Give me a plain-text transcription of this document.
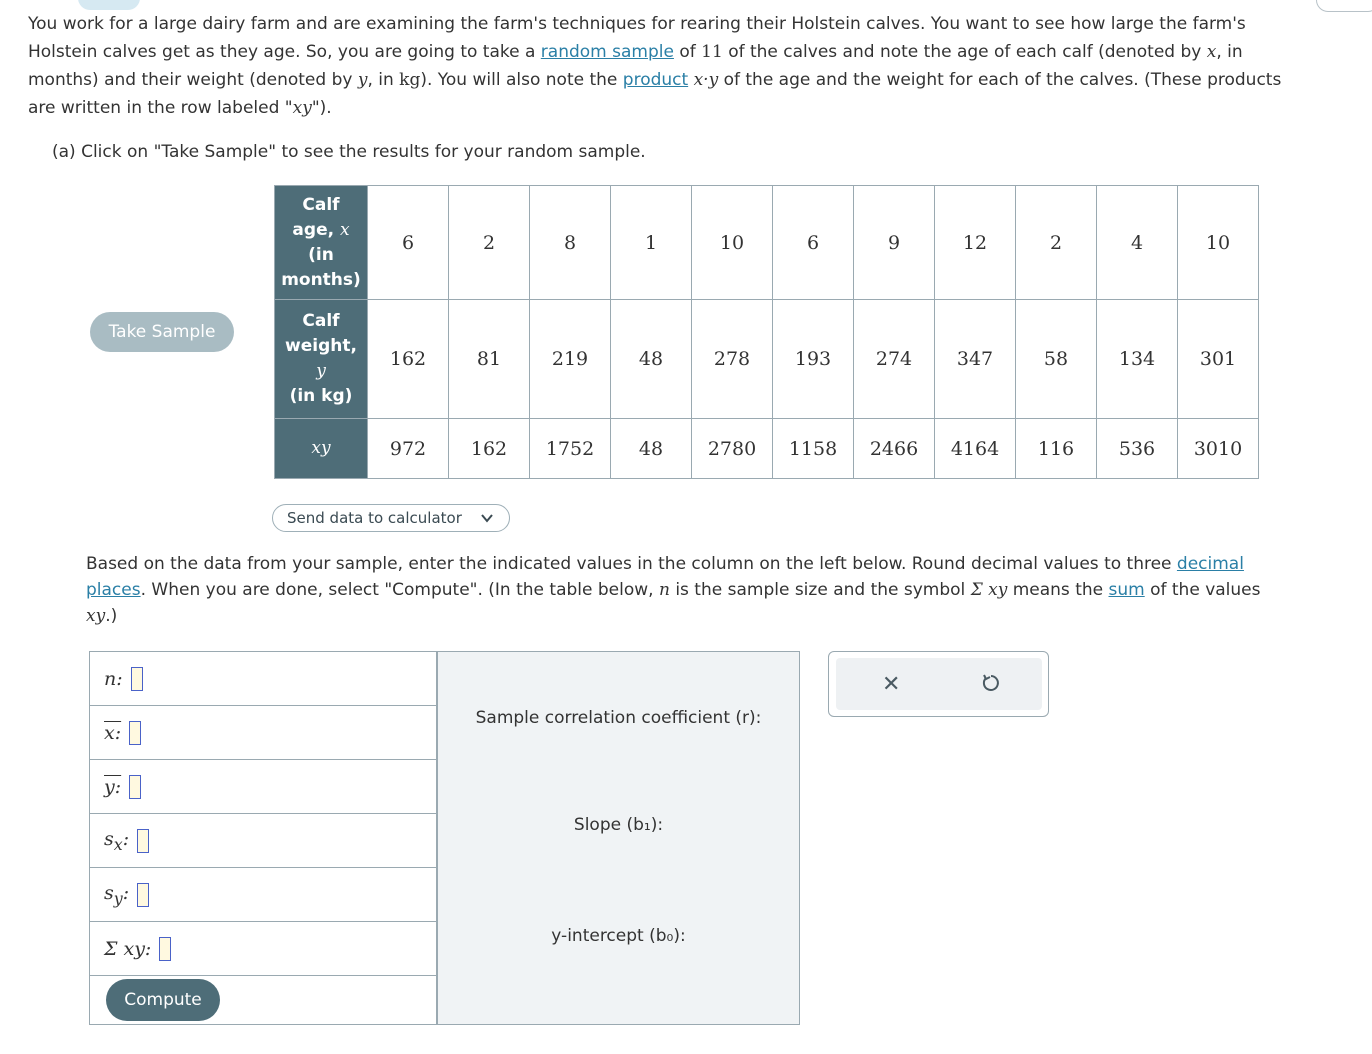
You work for a large dairy farm and are examining the farm's techniques for rearing their Holstein calves. You want to see how large the farm's Holstein calves get as they age. So, you are going to take a random sample of 11 of the calves and note the age of each calf (denoted by x, in months) and their weight (denoted by y, in kg). You will also note the product x·y of the age and the weight for each of the calves. (These products are written in the row labeled "xy").
(a) Click on "Take Sample" to see the results for your random sample.
Take Sample
Calf
age, x
(in
months)	6	2	8	1	10	6	9	12	2	4	10

Calf
weight,
y
(in kg)	162	81	219	48	278	193	274	347	58	134	301
xy	972	162	1752	48	2780	1158	2466	4164	116	536	3010
Send data to calculator
Based on the data from your sample, enter the indicated values in the column on the left below. Round decimal values to three decimal places. When you are done, select "Compute". (In the table below, n is the sample size and the symbol Σ xy means the sum of the values xy.)
n:
x:
y:
$s_x$:
$s_y$:
Σ xy:
Compute
Sample correlation coefficient (r):
Slope (b₁):
y-intercept (b₀):
✕
